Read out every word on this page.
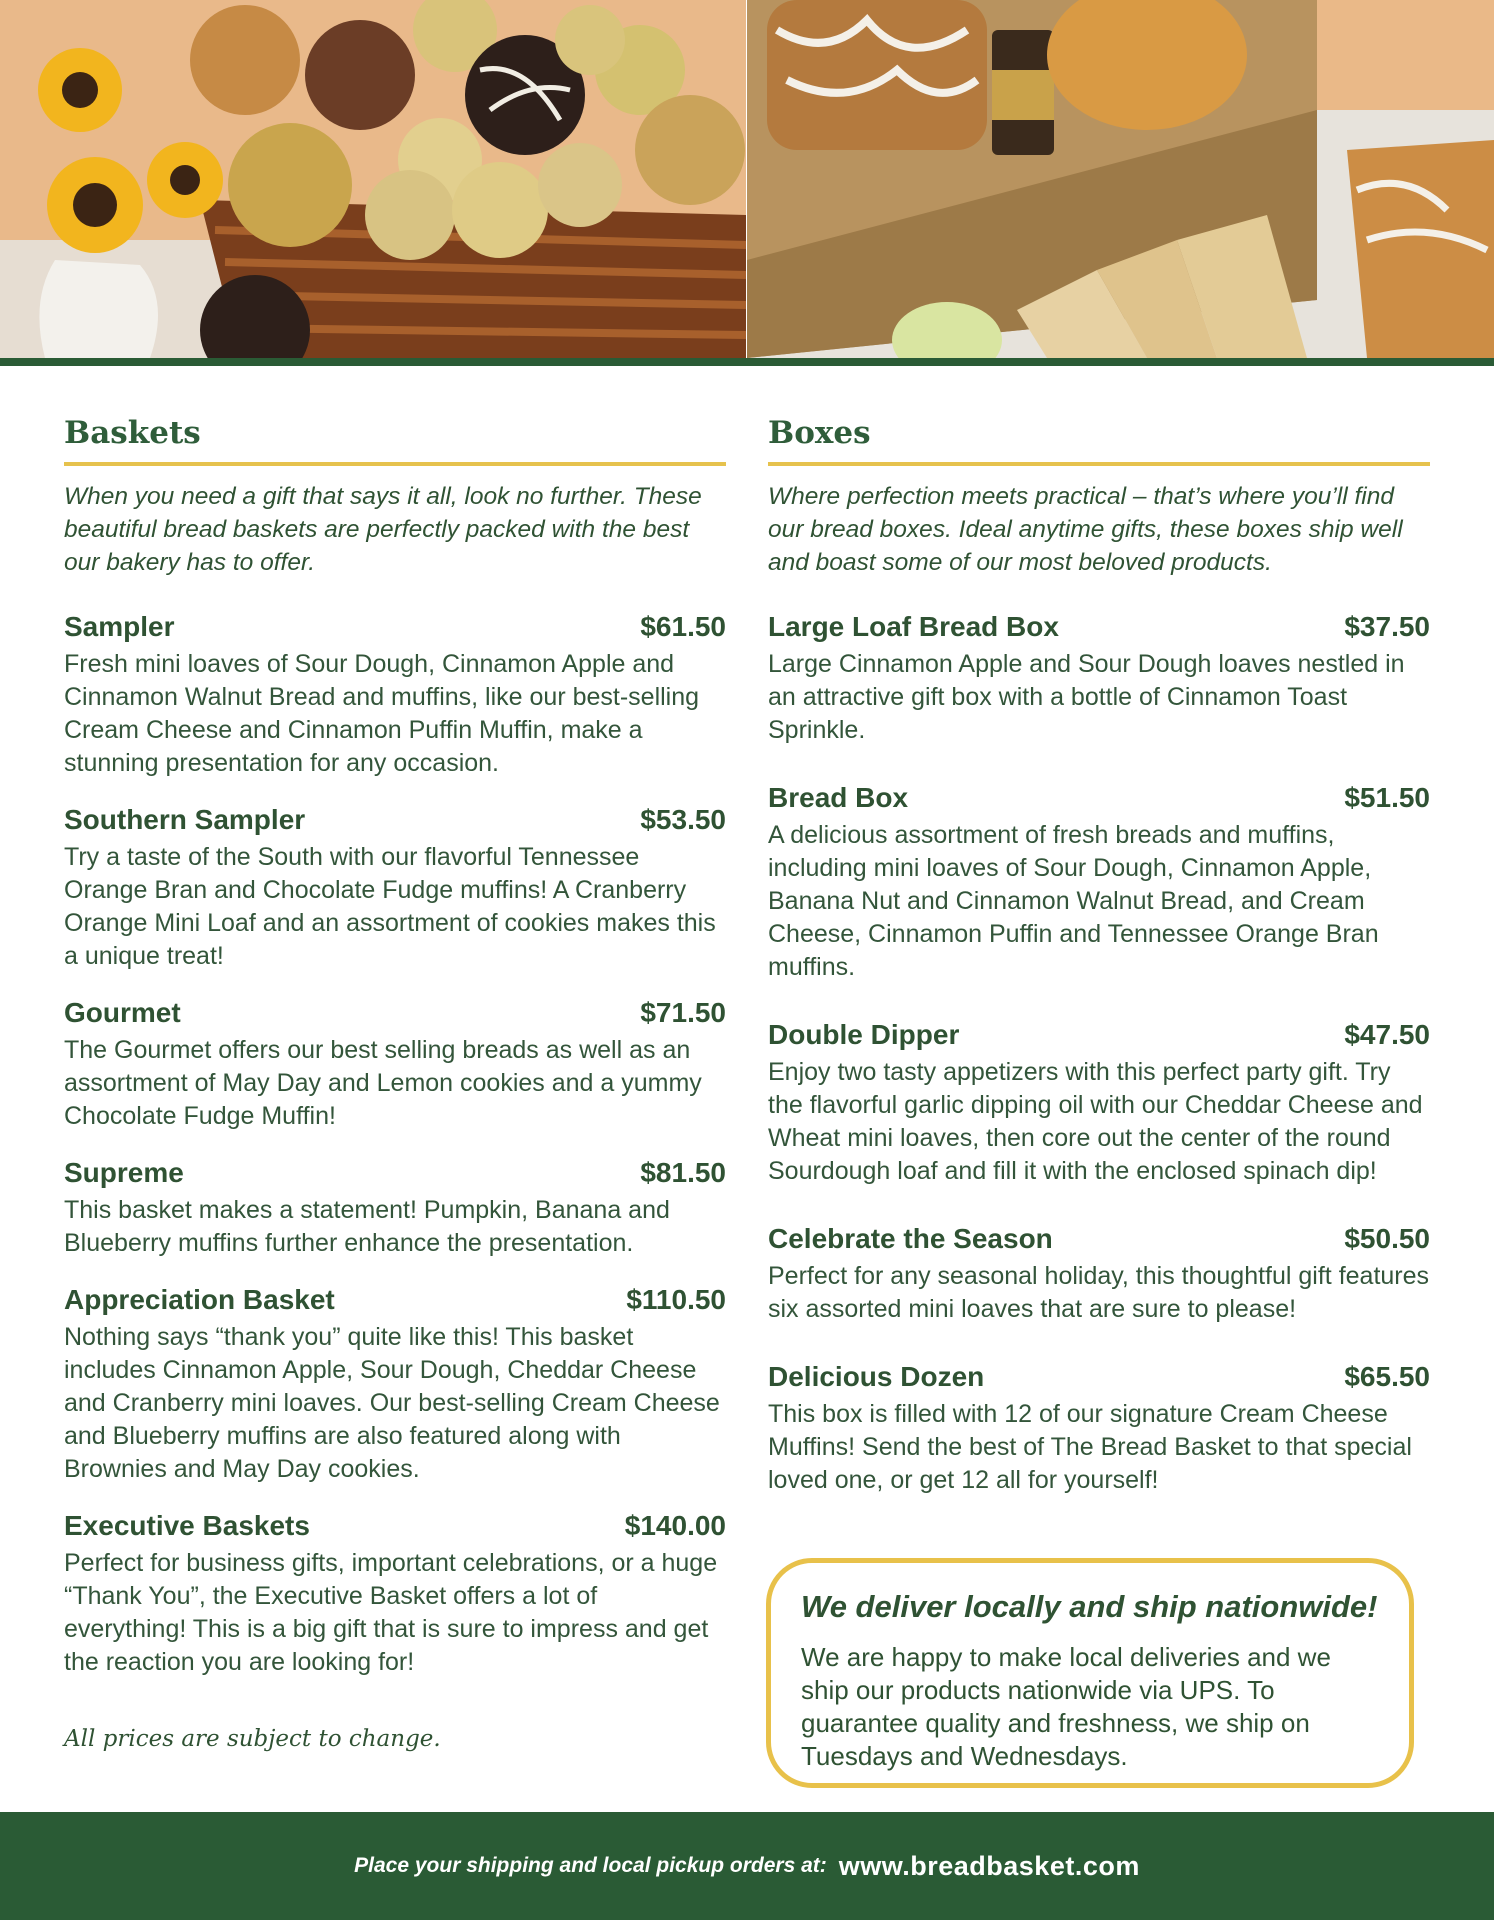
Baskets
When you need a gift that says it all, look no further. These beautiful bread baskets are perfectly packed with the best our bakery has to offer.
Sampler	$61.50
Fresh mini loaves of Sour Dough, Cinnamon Apple and Cinnamon Walnut Bread and muffins, like our best-selling Cream Cheese and Cinnamon Puffin Muffin, make a stunning presentation for any occasion.
Southern Sampler	$53.50
Try a taste of the South with our flavorful Tennessee Orange Bran and Chocolate Fudge muffins! A Cranberry Orange Mini Loaf and an assortment of cookies makes this a unique treat!
Gourmet	$71.50
The Gourmet offers our best selling breads as well as an assortment of May Day and Lemon cookies and a yummy Chocolate Fudge Muffin!
Supreme	$81.50
This basket makes a statement! Pumpkin, Banana and Blueberry muffins further enhance the presentation.
Appreciation Basket	$110.50
Nothing says “thank you” quite like this! This basket includes Cinnamon Apple, Sour Dough, Cheddar Cheese and Cranberry mini loaves. Our best-selling Cream Cheese and Blueberry muffins are also featured along with Brownies and May Day cookies.
Executive Baskets	$140.00
Perfect for business gifts, important celebrations, or a huge “Thank You”, the Executive Basket offers a lot of everything! This is a big gift that is sure to impress and get the reaction you are looking for!
All prices are subject to change.
Boxes
Where perfection meets practical – that’s where you’ll find our bread boxes. Ideal anytime gifts, these boxes ship well and boast some of our most beloved products.
Large Loaf Bread Box	$37.50
Large Cinnamon Apple and Sour Dough loaves nestled in an attractive gift box with a bottle of Cinnamon Toast Sprinkle.
Bread Box	$51.50
A delicious assortment of fresh breads and muffins, including mini loaves of Sour Dough, Cinnamon Apple, Banana Nut and Cinnamon Walnut Bread, and Cream Cheese, Cinnamon Puffin and Tennessee Orange Bran muffins.
Double Dipper	$47.50
Enjoy two tasty appetizers with this perfect party gift. Try the flavorful garlic dipping oil with our Cheddar Cheese and Wheat mini loaves, then core out the center of the round Sourdough loaf and fill it with the enclosed spinach dip!
Celebrate the Season	$50.50
Perfect for any seasonal holiday, this thoughtful gift features six assorted mini loaves that are sure to please!
Delicious Dozen	$65.50
This box is filled with 12 of our signature Cream Cheese Muffins! Send the best of The Bread Basket to that special loved one, or get 12 all for yourself!
We deliver locally and ship nationwide!
We are happy to make local deliveries and we ship our products nationwide via UPS. To guarantee quality and freshness, we ship on Tuesdays and Wednesdays.
Place your shipping and local pickup orders at: www.breadbasket.com
